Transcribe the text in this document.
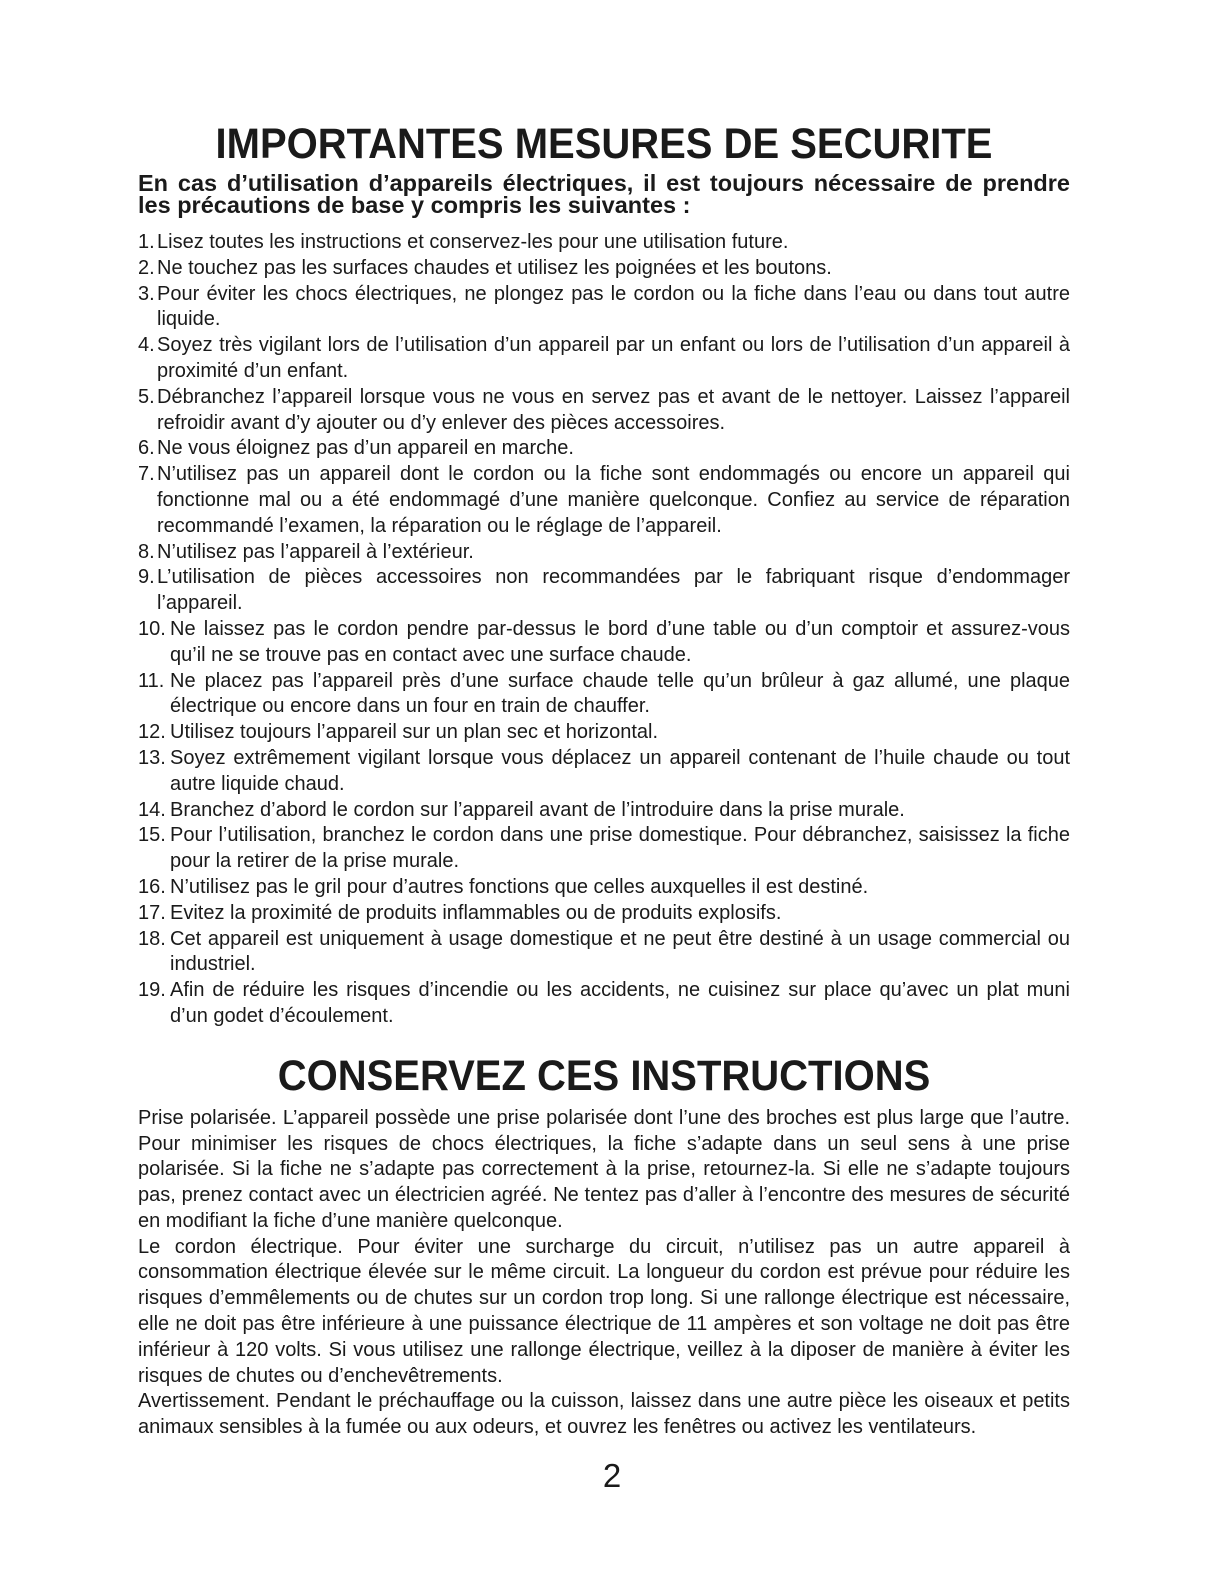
IMPORTANTES MESURES DE SECURITE

En cas d’utilisation d’appareils électriques, il est toujours nécessaire de prendre les précautions de base y compris les suivantes :

1. Lisez toutes les instructions et conservez-les pour une utilisation future.
2. Ne touchez pas les surfaces chaudes et utilisez les poignées et les boutons.
3. Pour éviter les chocs électriques, ne plongez pas le cordon ou la fiche dans l’eau ou dans tout autre liquide.
4. Soyez très vigilant lors de l’utilisation d’un appareil par un enfant ou lors de l’utilisation d’un appareil à proximité d’un enfant.
5. Débranchez l’appareil lorsque vous ne vous en servez pas et avant de le nettoyer. Laissez l’appareil refroidir avant d’y ajouter ou d’y enlever des pièces accessoires.
6. Ne vous éloignez pas d’un appareil en marche.
7. N’utilisez pas un appareil dont le cordon ou la fiche sont endommagés ou encore un appareil qui fonctionne mal ou a été endommagé d’une manière quelconque. Confiez au service de réparation recommandé l’examen, la réparation ou le réglage de l’appareil.
8. N’utilisez pas l’appareil à l’extérieur.
9. L’utilisation de pièces accessoires non recommandées par le fabriquant risque d’endommager l’appareil.
10. Ne laissez pas le cordon pendre par-dessus le bord d’une table ou d’un comptoir et assurez-vous qu’il ne se trouve pas en contact avec une surface chaude.
11. Ne placez pas l’appareil près d’une surface chaude telle qu’un brûleur à gaz allumé, une plaque électrique ou encore dans un four en train de chauffer.
12. Utilisez toujours l’appareil sur un plan sec et horizontal.
13. Soyez extrêmement vigilant lorsque vous déplacez un appareil contenant de l’huile chaude ou tout autre liquide chaud.
14. Branchez d’abord le cordon sur l’appareil avant de l’introduire dans la prise murale.
15. Pour l’utilisation, branchez le cordon dans une prise domestique. Pour débranchez, saisissez la fiche pour la retirer de la prise murale.
16. N’utilisez pas le gril pour d’autres fonctions que celles auxquelles il est destiné.
17. Evitez la proximité de produits inflammables ou de produits explosifs.
18. Cet appareil est uniquement à usage domestique et ne peut être destiné à un usage commercial ou industriel.
19. Afin de réduire les risques d’incendie ou les accidents, ne cuisinez sur place qu’avec un plat muni d’un godet d’écoulement.
CONSERVEZ CES INSTRUCTIONS

Prise polarisée. L’appareil possède une prise polarisée dont l’une des broches est plus large que l’autre. Pour minimiser les risques de chocs électriques, la fiche s’adapte dans un seul sens à une prise polarisée. Si la fiche ne s’adapte pas correctement à la prise, retournez-la. Si elle ne s’adapte toujours pas, prenez contact avec un électricien agréé. Ne tentez pas d’aller à l’encontre des mesures de sécurité en modifiant la fiche d’une manière quelconque.

Le cordon électrique. Pour éviter une surcharge du circuit, n’utilisez pas un autre appareil à consommation électrique élevée sur le même circuit. La longueur du cordon est prévue pour réduire les risques d’emmêlements ou de chutes sur un cordon trop long. Si une rallonge électrique est nécessaire, elle ne doit pas être inférieure à une puissance électrique de 11 ampères et son voltage ne doit pas être inférieur à 120 volts. Si vous utilisez une rallonge électrique, veillez à la diposer de manière à éviter les risques de chutes ou d’enchevêtrements.

Avertissement. Pendant le préchauffage ou la cuisson, laissez dans une autre pièce les oiseaux et petits animaux sensibles à la fumée ou aux odeurs, et ouvrez les fenêtres ou activez les ventilateurs.

2
